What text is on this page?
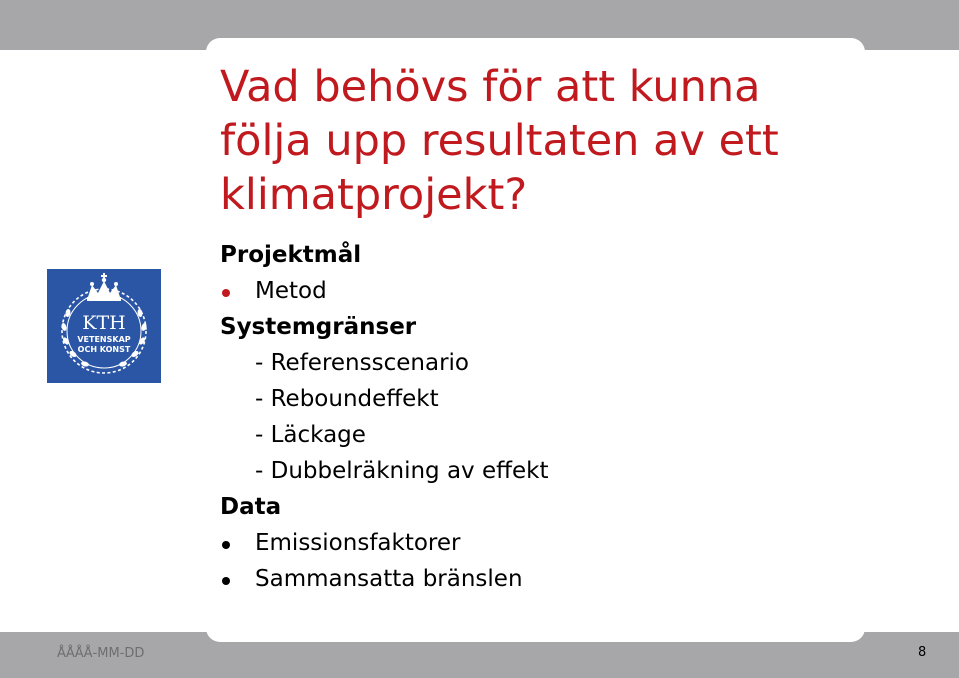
KTH
VETENSKAP
OCH KONST
Vad behövs för att kunna
följa upp resultaten av ett
klimatprojekt?
Projektmål
Metod
Systemgränser
- Referensscenario
- Reboundeffekt
- Läckage
- Dubbelräkning av effekt
Data
Emissionsfaktorer
Sammansatta bränslen
ÅÅÅÅ-MM-DD	8
